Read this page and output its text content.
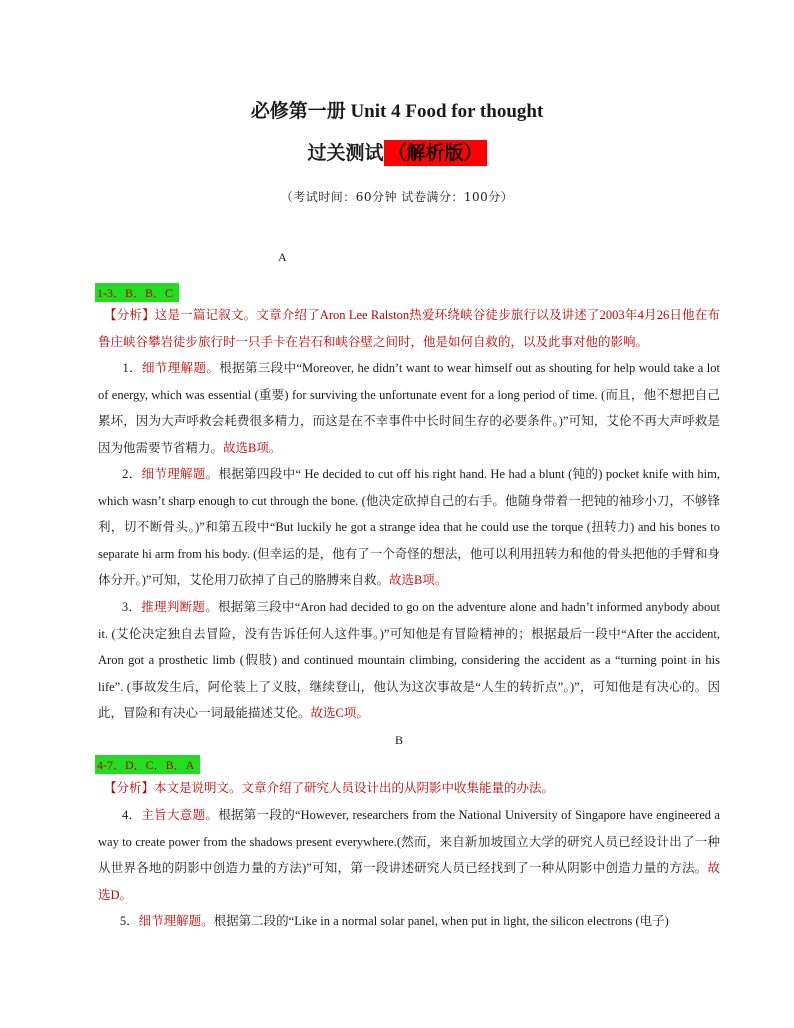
必修第一册 Unit 4 Food for thought
过关测试 （解析版）
（考试时间：60分钟 试卷满分：100分）
A
1-3．B．B．C
【分析】这是一篇记叙文。文章介绍了Aron Lee Ralston热爱环绕峡谷徒步旅行以及讲述了2003年4月26日他在布鲁庄峡谷攀岩徒步旅行时一只手卡在岩石和峡谷壁之间时，他是如何自救的，以及此事对他的影响。
1．细节理解题。根据第三段中“Moreover, he didn’t want to wear himself out as shouting for help would take a lot of energy, which was essential (重要) for surviving the unfortunate event for a long period of time. (而且，他不想把自己累坏，因为大声呼救会耗费很多精力，而这是在不幸事件中长时间生存的必要条件。)”可知，艾伦不再大声呼救是因为他需要节省精力。故选B项。
2．细节理解题。根据第四段中“ He decided to cut off his right hand. He had a blunt (钝的) pocket knife with him, which wasn’t sharp enough to cut through the bone. (他决定砍掉自己的右手。他随身带着一把钝的袖珍小刀，不够锋利，切不断骨头。)”和第五段中“But luckily he got a strange idea that he could use the torque (扭转力) and his bones to separate hi arm from his body. (但幸运的是，他有了一个奇怪的想法，他可以利用扭转力和他的骨头把他的手臂和身体分开。)”可知，艾伦用刀砍掉了自己的胳膊来自救。故选B项。
3．推理判断题。根据第三段中“Aron had decided to go on the adventure alone and hadn’t informed anybody about it. (艾伦决定独自去冒险，没有告诉任何人这件事。)”可知他是有冒险精神的；根据最后一段中“After the accident, Aron got a prosthetic limb (假肢) and continued mountain climbing, considering the accident as a “turning point in his life”. (事故发生后，阿伦装上了义肢，继续登山，他认为这次事故是“人生的转折点”。)”，可知他是有决心的。因此，冒险和有决心一词最能描述艾伦。故选C项。
B
4-7．D．C．B．A
【分析】本文是说明文。文章介绍了研究人员设计出的从阴影中收集能量的办法。
4．主旨大意题。根据第一段的“However, researchers from the National University of Singapore have engineered a way to create power from the shadows present everywhere.(然而，来自新加坡国立大学的研究人员已经设计出了一种从世界各地的阴影中创造力量的方法)”可知，第一段讲述研究人员已经找到了一种从阴影中创造力量的方法。故选D。
5．细节理解题。根据第二段的“Like in a normal solar panel, when put in light, the silicon electrons (电子)
